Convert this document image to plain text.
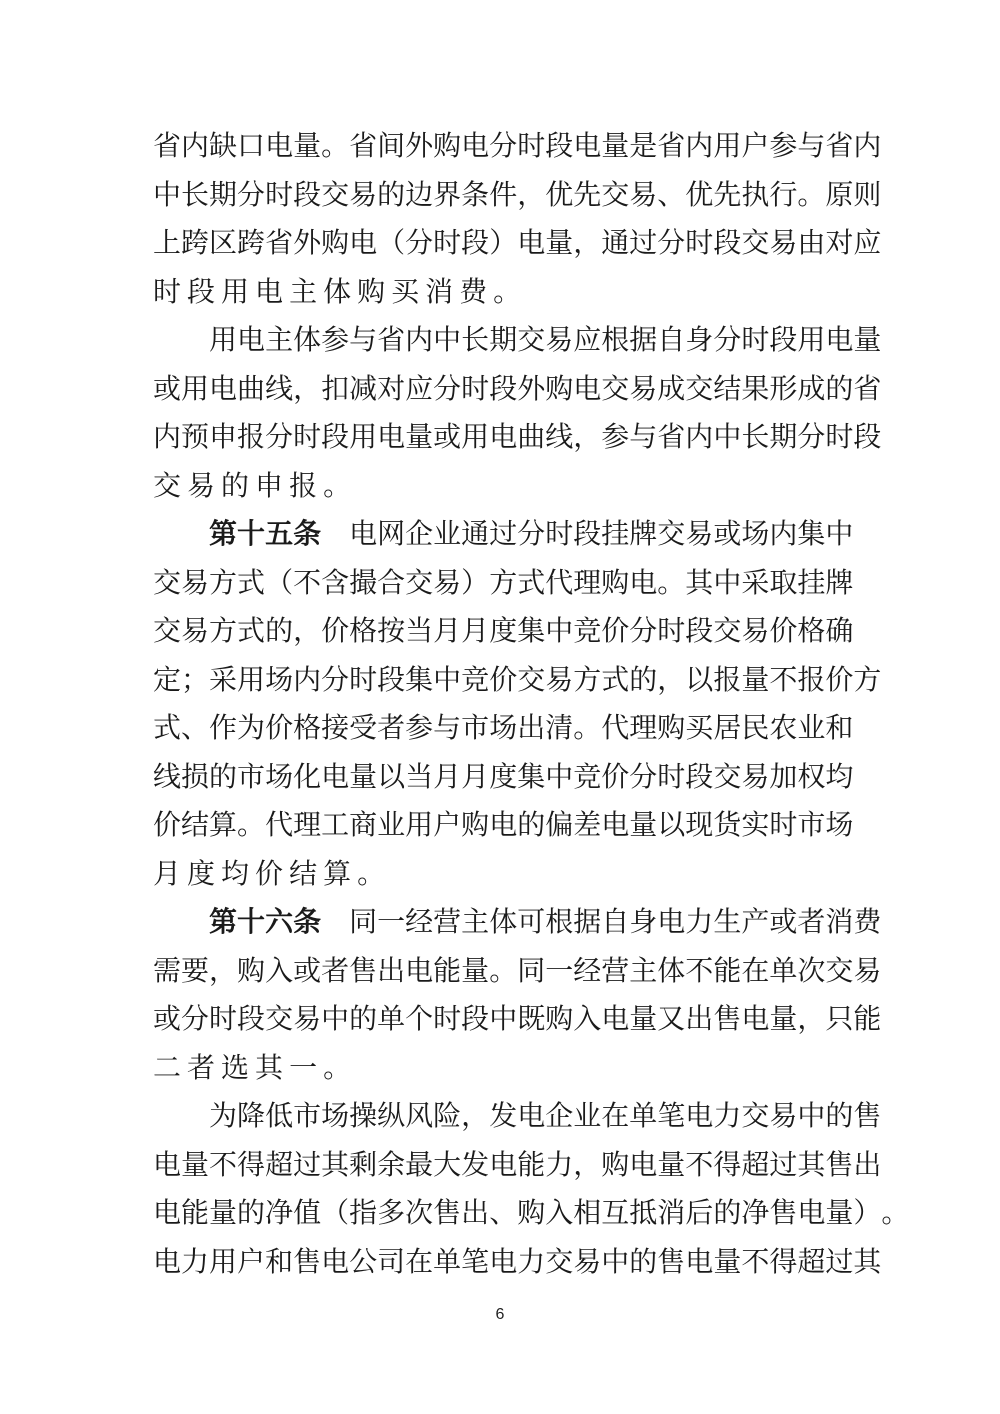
省 内 缺 口 电 量 。 省 间 外 购 电 分 时 段 电 量 是 省 内 用 户 参 与 省 内
中 长 期 分 时 段 交 易 的 边 界 条 件 ， 优 先 交 易 、 优 先 执 行 。 原 则
上 跨 区 跨 省 外 购 电 （ 分 时 段 ） 电 量 ， 通 过 分 时 段 交 易 由 对 应
时 段 用 电 主 体 购 买 消 费 。

用 电 主 体 参 与 省 内 中 长 期 交 易 应 根 据 自 身 分 时 段 用 电 量
或 用 电 曲 线 ， 扣 减 对 应 分 时 段 外 购 电 交 易 成 交 结 果 形 成 的 省
内 预 申 报 分 时 段 用 电 量 或 用 电 曲 线 ， 参 与 省 内 中 长 期 分 时 段
交 易 的 申 报 。

第 十 五 条
　 电 网 企 业 通 过 分 时 段 挂 牌 交 易 或 场 内 集 中
交 易 方 式 （ 不 含 撮 合 交 易 ） 方 式 代 理 购 电 。 其 中 采 取 挂 牌
交 易 方 式 的 ， 价 格 按 当 月 月 度 集 中 竞 价 分 时 段 交 易 价 格 确
定 ； 采 用 场 内 分 时 段 集 中 竞 价 交 易 方 式 的 ， 以 报 量 不 报 价 方
式 、 作 为 价 格 接 受 者 参 与 市 场 出 清 。 代 理 购 买 居 民 农 业 和
线 损 的 市 场 化 电 量 以 当 月 月 度 集 中 竞 价 分 时 段 交 易 加 权 均
价 结 算 。 代 理 工 商 业 用 户 购 电 的 偏 差 电 量 以 现 货 实 时 市 场
月 度 均 价 结 算 。

第 十 六 条
　 同 一 经 营 主 体 可 根 据 自 身 电 力 生 产 或 者 消 费
需 要 ， 购 入 或 者 售 出 电 能 量 。 同 一 经 营 主 体 不 能 在 单 次 交 易
或 分 时 段 交 易 中 的 单 个 时 段 中 既 购 入 电 量 又 出 售 电 量 ， 只 能
二 者 选 其 一 。

为 降 低 市 场 操 纵 风 险 ， 发 电 企 业 在 单 笔 电 力 交 易 中 的 售
电 量 不 得 超 过 其 剩 余 最 大 发 电 能 力 ， 购 电 量 不 得 超 过 其 售 出
电 能 量 的 净 值 （ 指 多 次 售 出 、 购 入 相 互 抵 消 后 的 净 售 电 量 ） 。
电 力 用 户 和 售 电 公 司 在 单 笔 电 力 交 易 中 的 售 电 量 不 得 超 过 其
6
